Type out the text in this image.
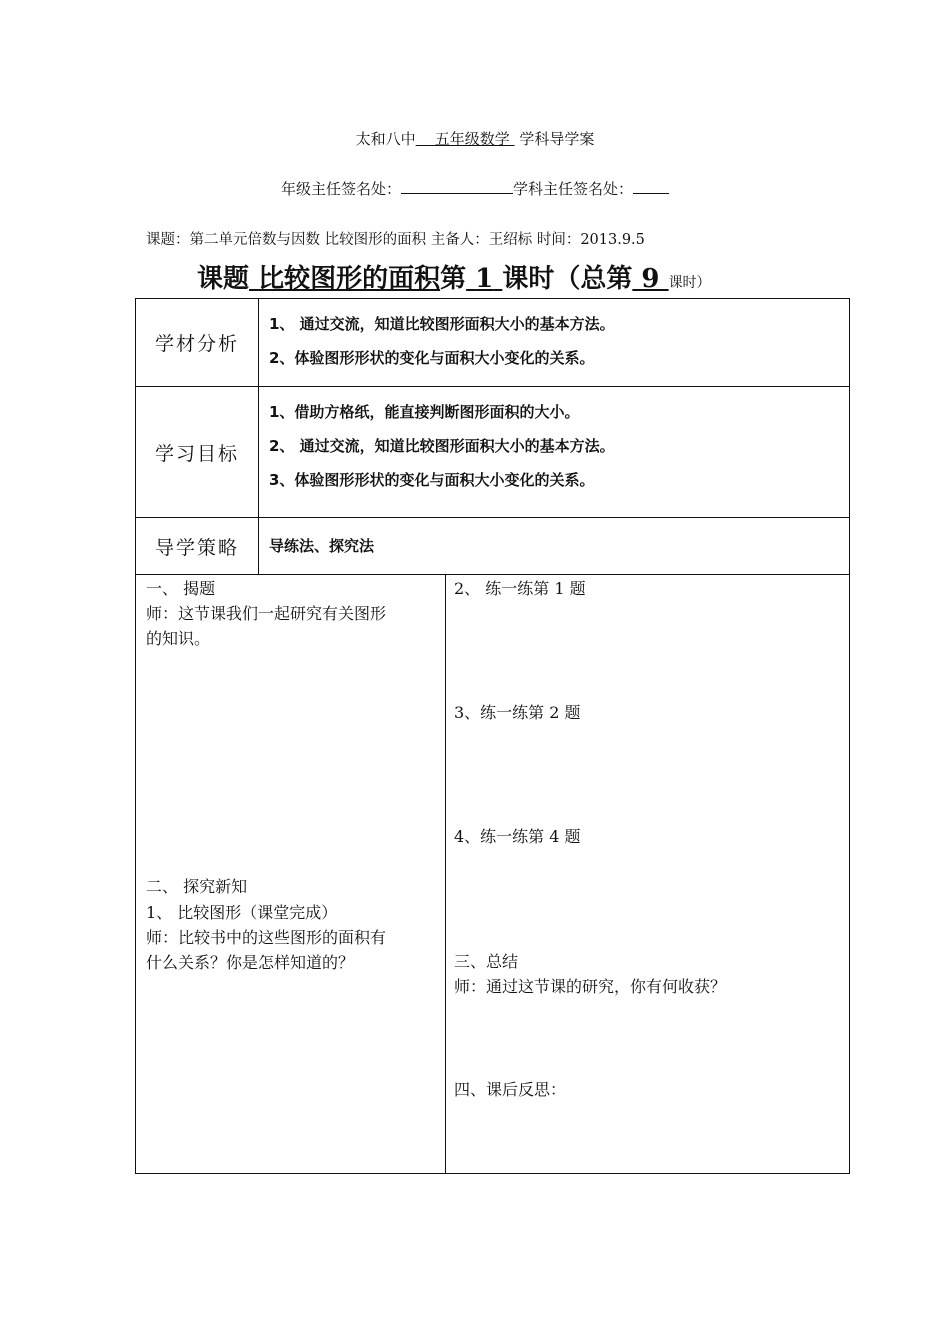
太和八中 五年级数学 学科导学案
年级主任签名处：	学科主任签名处：
课题：第二单元倍数与因数 比较图形的面积 主备人：王绍标 时间：2013.9.5
课题 比较图形的面积第 1 课时（总第 9 课时）
学材分析	1、 通过交流，知道比较图形面积大小的基本方法。
2、体验图形形状的变化与面积大小变化的关系。

学习目标	1、借助方格纸，能直接判断图形面积的大小。
2、 通过交流，知道比较图形面积大小的基本方法。
3、体验图形形状的变化与面积大小变化的关系。

导学策略	导练法、探究法
一、 揭题
师：这节课我们一起研究有关图形
的知识。
二、 探究新知
1、 比较图形（课堂完成）
师：比较书中的这些图形的面积有
什么关系？你是怎样知道的？
2、 练一练第 1 题
3、练一练第 2 题
4、练一练第 4 题
三、总结
师：通过这节课的研究，你有何收获？
四、课后反思：
